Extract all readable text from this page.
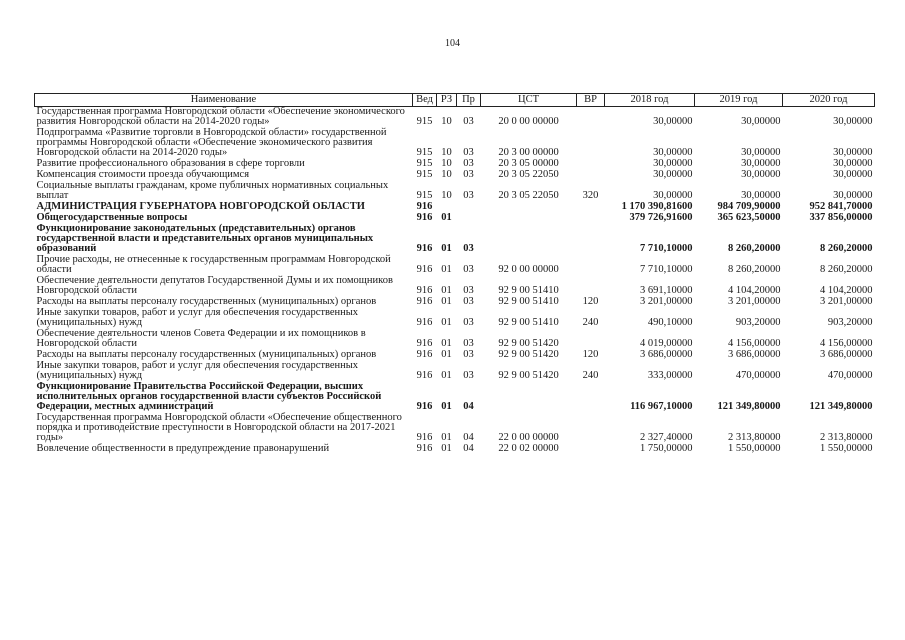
104
Наименование	Вед	РЗ	Пр	ЦСТ	ВР	2018 год	2019 год	2020 год
Государственная программа Новгородской области «Обеспечение экономического развития Новгородской области на 2014-2020 годы»	915	10	03	20 0 00 00000		30,00000	30,00000	30,00000
Подпрограмма «Развитие торговли в Новгородской области» государственной программы Новгородской области «Обеспечение экономического развития Новгородской области на 2014-2020 годы»	915	10	03	20 3 00 00000		30,00000	30,00000	30,00000
Развитие профессионального образования в сфере торговли	915	10	03	20 3 05 00000		30,00000	30,00000	30,00000
Компенсация стоимости проезда обучающимся	915	10	03	20 3 05 22050		30,00000	30,00000	30,00000
Социальные выплаты гражданам, кроме публичных нормативных социальных выплат	915	10	03	20 3 05 22050	320	30,00000	30,00000	30,00000
АДМИНИСТРАЦИЯ ГУБЕРНАТОРА НОВГОРОДСКОЙ ОБЛАСТИ	916					1 170 390,81600	984 709,90000	952 841,70000
Общегосударственные вопросы	916	01				379 726,91600	365 623,50000	337 856,00000
Функционирование законодательных (представительных) органов государственной власти и представительных органов муниципальных образований	916	01	03			7 710,10000	8 260,20000	8 260,20000
Прочие расходы, не отнесенные к государственным программам Новгородской области	916	01	03	92 0 00 00000		7 710,10000	8 260,20000	8 260,20000
Обеспечение деятельности депутатов Государственной Думы и их помощников Новгородской области	916	01	03	92 9 00 51410		3 691,10000	4 104,20000	4 104,20000
Расходы на выплаты персоналу государственных (муниципальных) органов	916	01	03	92 9 00 51410	120	3 201,00000	3 201,00000	3 201,00000
Иные закупки товаров, работ и услуг для обеспечения государственных (муниципальных) нужд	916	01	03	92 9 00 51410	240	490,10000	903,20000	903,20000
Обеспечение деятельности членов Совета Федерации и их помощников в Новгородской области	916	01	03	92 9 00 51420		4 019,00000	4 156,00000	4 156,00000
Расходы на выплаты персоналу государственных (муниципальных) органов	916	01	03	92 9 00 51420	120	3 686,00000	3 686,00000	3 686,00000
Иные закупки товаров, работ и услуг для обеспечения государственных (муниципальных) нужд	916	01	03	92 9 00 51420	240	333,00000	470,00000	470,00000
Функционирование Правительства Российской Федерации, высших исполнительных органов государственной власти субъектов Российской Федерации, местных администраций	916	01	04			116 967,10000	121 349,80000	121 349,80000
Государственная программа Новгородской области «Обеспечение общественного порядка и противодействие преступности в Новгородской области на 2017-2021 годы»	916	01	04	22 0 00 00000		2 327,40000	2 313,80000	2 313,80000
Вовлечение общественности в предупреждение правонарушений	916	01	04	22 0 02 00000		1 750,00000	1 550,00000	1 550,00000
